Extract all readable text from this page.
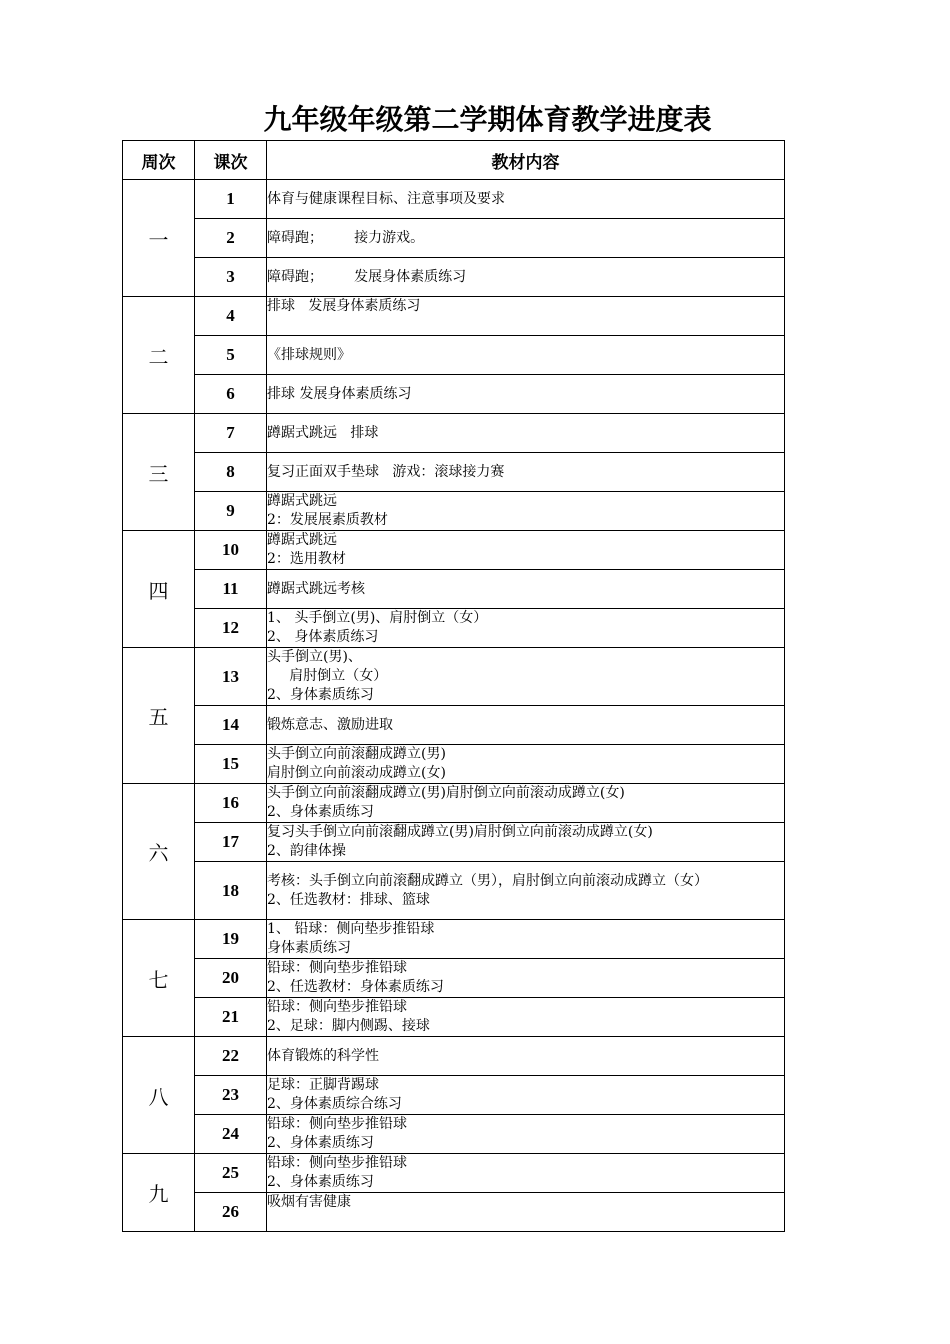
九年级年级第二学期体育教学进度表
周次	课次	教材内容
一	1	体育与健康课程目标、注意事项及要求
	2	障碍跑；       接力游戏。
	3	障碍跑；       发展身体素质练习
二	4	排球   发展身体素质练习
	5	《排球规则》
	6	排球 发展身体素质练习
三	7	蹲踞式跳远   排球
	8	复习正面双手垫球   游戏：滚球接力赛
	9	蹲踞式跳远
2：发展展素质教材
四	10	蹲踞式跳远
2：选用教材
	11	蹲踞式跳远考核
	12	1、 头手倒立(男)、肩肘倒立（女）
2、 身体素质练习
五	13	头手倒立(男)、
肩肘倒立（女）
2、身体素质练习
	14	锻炼意志、激励进取
	15	头手倒立向前滚翻成蹲立(男)
肩肘倒立向前滚动成蹲立(女)
六	16	头手倒立向前滚翻成蹲立(男)肩肘倒立向前滚动成蹲立(女)
2、身体素质练习
	17	复习头手倒立向前滚翻成蹲立(男)肩肘倒立向前滚动成蹲立(女)
2、韵律体操
	18	考核：头手倒立向前滚翻成蹲立（男），肩肘倒立向前滚动成蹲立（女）
2、任选教材：排球、篮球
七	19	1、 铅球：侧向垫步推铅球
身体素质练习
	20	铅球：侧向垫步推铅球
2、任选教材：身体素质练习
	21	铅球：侧向垫步推铅球
2、足球：脚内侧踢、接球
八	22	体育锻炼的科学性
	23	足球：正脚背踢球
2、身体素质综合练习
	24	铅球：侧向垫步推铅球
2、身体素质练习
九	25	铅球：侧向垫步推铅球
2、身体素质练习
	26	吸烟有害健康
